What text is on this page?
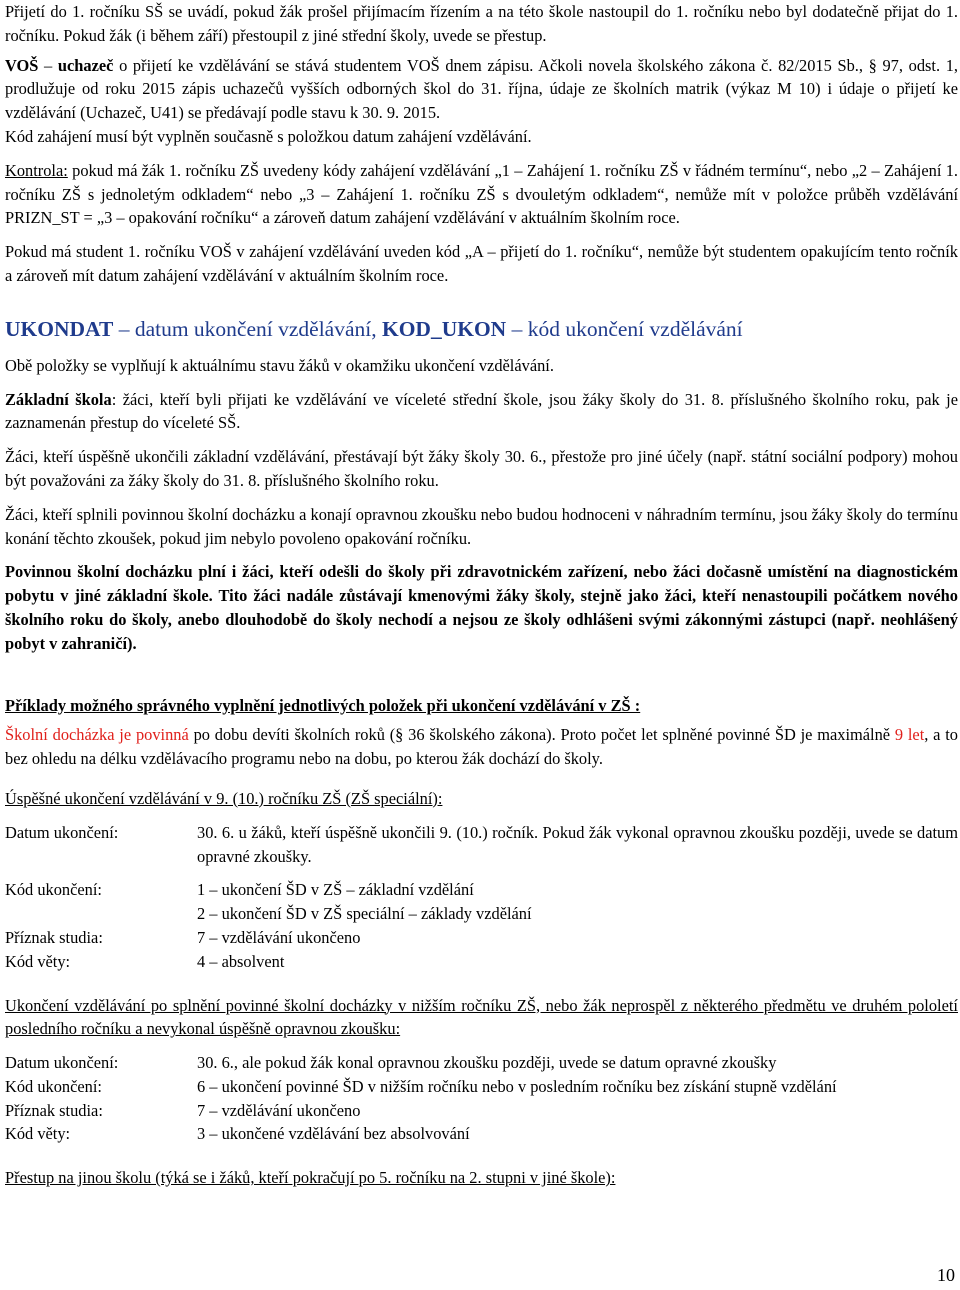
Přijetí do 1. ročníku SŠ se uvádí, pokud žák prošel přijímacím řízením a na této škole nastoupil do 1. ročníku nebo byl dodatečně přijat do 1. ročníku. Pokud žák (i během září) přestoupil z jiné střední školy, uvede se přestup.

VOŠ – uchazeč o přijetí ke vzdělávání se stává studentem VOŠ dnem zápisu. Ačkoli novela školského zákona č. 82/2015 Sb., § 97, odst. 1, prodlužuje od roku 2015 zápis uchazečů vyšších odborných škol do 31. října, údaje ze školních matrik (výkaz M 10) i údaje o přijetí ke vzdělávání (Uchazeč, U41) se předávají podle stavu k 30. 9. 2015.

Kód zahájení musí být vyplněn současně s položkou datum zahájení vzdělávání.

Kontrola: pokud má žák 1. ročníku ZŠ uvedeny kódy zahájení vzdělávání „1 – Zahájení 1. ročníku ZŠ v řádném termínu“, nebo „2 – Zahájení 1. ročníku ZŠ s jednoletým odkladem“ nebo „3 – Zahájení 1. ročníku ZŠ s dvouletým odkladem“, nemůže mít v položce průběh vzdělávání PRIZN_ST = „3 – opakování ročníku“ a zároveň datum zahájení vzdělávání v aktuálním školním roce.

Pokud má student 1. ročníku VOŠ v zahájení vzdělávání uveden kód „A – přijetí do 1. ročníku“, nemůže být studentem opakujícím tento ročník a zároveň mít datum zahájení vzdělávání v aktuálním školním roce.

UKONDAT – datum ukončení vzdělávání, KOD_UKON – kód ukončení vzdělávání

Obě položky se vyplňují k aktuálnímu stavu žáků v okamžiku ukončení vzdělávání.

Základní škola: žáci, kteří byli přijati ke vzdělávání ve víceleté střední škole, jsou žáky školy do 31. 8. příslušného školního roku, pak je zaznamenán přestup do víceleté SŠ.

Žáci, kteří úspěšně ukončili základní vzdělávání, přestávají být žáky školy 30. 6., přestože pro jiné účely (např. státní sociální podpory) mohou být považováni za žáky školy do 31. 8. příslušného školního roku.

Žáci, kteří splnili povinnou školní docházku a konají opravnou zkoušku nebo budou hodnoceni v náhradním termínu, jsou žáky školy do termínu konání těchto zkoušek, pokud jim nebylo povoleno opakování ročníku.

Povinnou školní docházku plní i žáci, kteří odešli do školy při zdravotnickém zařízení, nebo žáci dočasně umístění na diagnostickém pobytu v jiné základní škole. Tito žáci nadále zůstávají kmenovými žáky školy, stejně jako žáci, kteří nenastoupili počátkem nového školního roku do školy, anebo dlouhodobě do školy nechodí a nejsou ze školy odhlášeni svými zákonnými zástupci (např. neohlášený pobyt v zahraničí).

Příklady možného správného vyplnění jednotlivých položek při ukončení vzdělávání v ZŠ :

Školní docházka je povinná po dobu devíti školních roků (§ 36 školského zákona). Proto počet let splněné povinné ŠD je maximálně 9 let, a to bez ohledu na délku vzdělávacího programu nebo na dobu, po kterou žák dochází do školy.

Úspěšné ukončení vzdělávání v 9. (10.) ročníku ZŠ (ZŠ speciální):

Datum ukončení:	30. 6. u žáků, kteří úspěšně ukončili 9. (10.) ročník. Pokud žák vykonal opravnou zkoušku později, uvede se datum opravné zkoušky.
Kód ukončení:	1 – ukončení ŠD v ZŠ – základní vzdělání
2 – ukončení ŠD v ZŠ speciální – základy vzdělání
Příznak studia:	7 – vzdělávání ukončeno
Kód věty:	4 – absolvent

Ukončení vzdělávání po splnění povinné školní docházky v nižším ročníku ZŠ, nebo žák neprospěl z některého předmětu ve druhém pololetí posledního ročníku a nevykonal úspěšně opravnou zkoušku:

Datum ukončení:	30. 6., ale pokud žák konal opravnou zkoušku později, uvede se datum opravné zkoušky
Kód ukončení:	6 – ukončení povinné ŠD v nižším ročníku nebo v posledním ročníku bez získání stupně vzdělání
Příznak studia:	7 – vzdělávání ukončeno
Kód věty:	3 – ukončené vzdělávání bez absolvování

Přestup na jinou školu (týká se i žáků, kteří pokračují po 5. ročníku na 2. stupni v jiné škole):

10
